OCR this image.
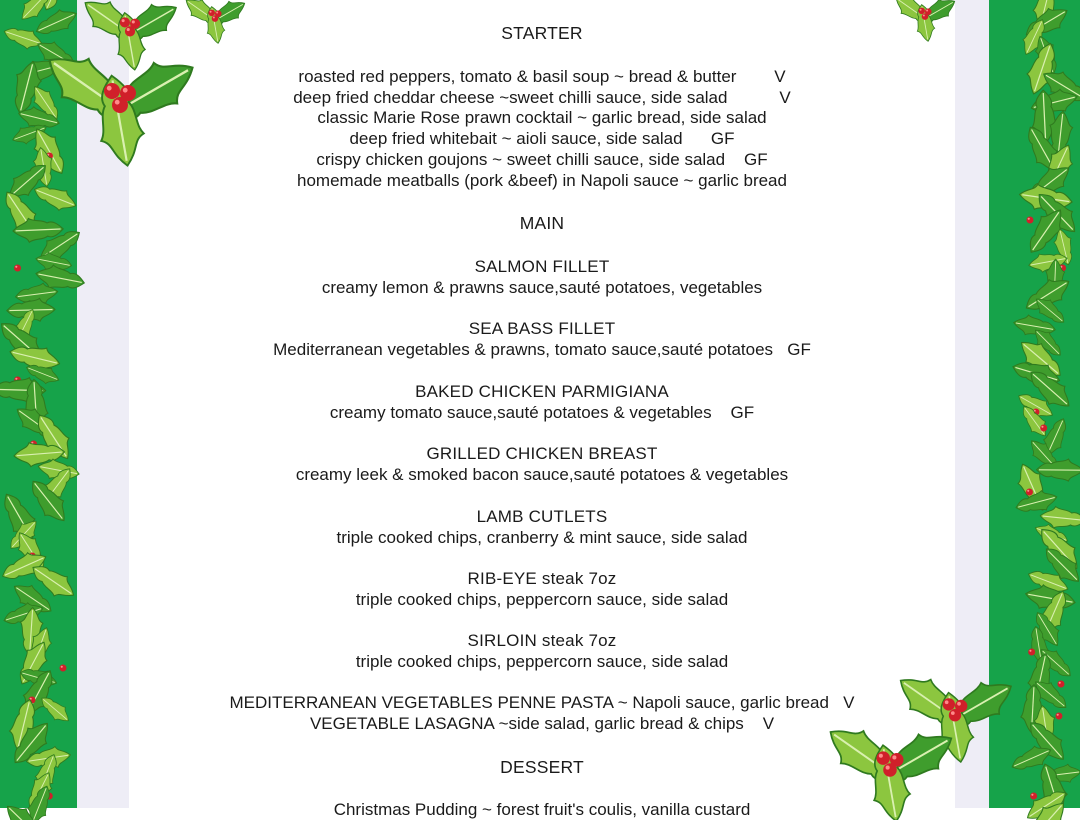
STARTER
roasted red peppers, tomato & basil soup ~ bread & butter        V
deep fried cheddar cheese ~sweet chilli sauce, side salad           V
classic Marie Rose prawn cocktail ~ garlic bread, side salad
deep fried whitebait ~ aioli sauce, side salad      GF
crispy chicken goujons ~ sweet chilli sauce, side salad    GF
homemade meatballs (pork &beef) in Napoli sauce ~ garlic bread
MAIN
SALMON FILLET
creamy lemon & prawns sauce,sauté potatoes, vegetables
SEA BASS FILLET
Mediterranean vegetables & prawns, tomato sauce,sauté potatoes   GF
BAKED CHICKEN PARMIGIANA
creamy tomato sauce,sauté potatoes & vegetables    GF
GRILLED CHICKEN BREAST
creamy leek & smoked bacon sauce,sauté potatoes & vegetables
LAMB CUTLETS
triple cooked chips, cranberry & mint sauce, side salad
RIB-EYE steak 7oz
triple cooked chips, peppercorn sauce, side salad
SIRLOIN steak 7oz
triple cooked chips, peppercorn sauce, side salad
MEDITERRANEAN VEGETABLES PENNE PASTA ~ Napoli sauce, garlic bread   V
VEGETABLE LASAGNA ~side salad, garlic bread & chips    V
DESSERT
Christmas Pudding ~ forest fruit's coulis, vanilla custard
